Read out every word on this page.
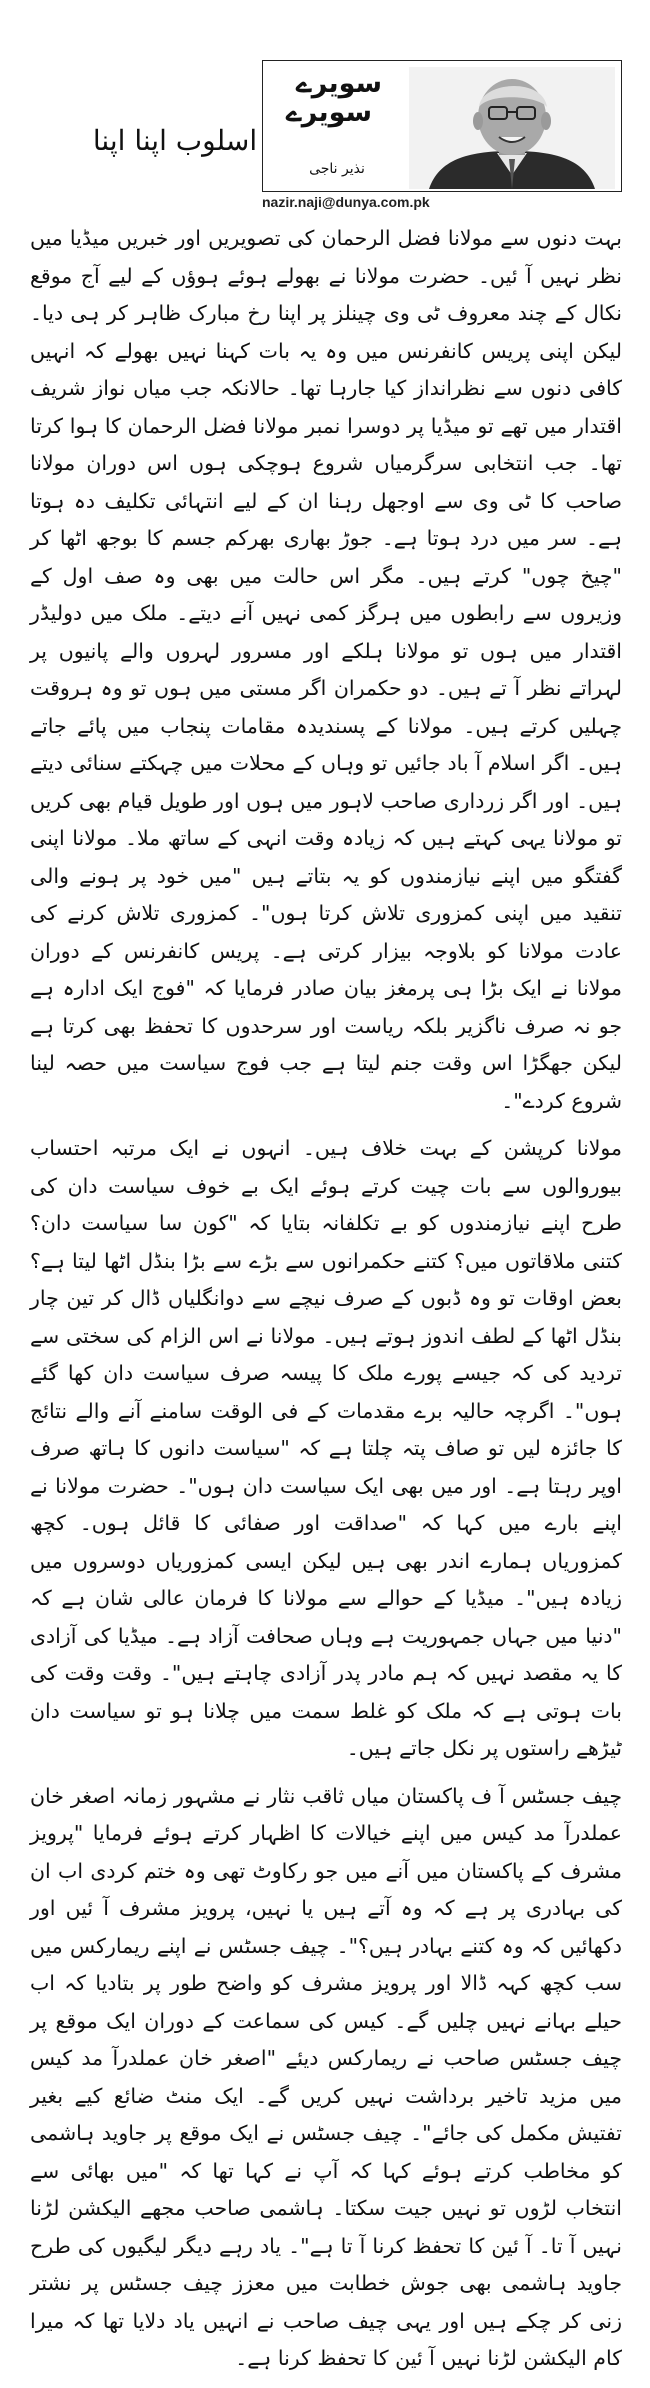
سویرے
سویرے
نذیر ناجی
nazir.naji@dunya.com.pk
اسلوب اپنا اپنا

بہت دنوں سے مولانا فضل الرحمان کی تصویریں اور خبریں میڈیا میں نظر نہیں آ ئیں۔ حضرت مولانا نے بھولے ہوئے ہوؤں کے لیے آج موقع نکال کے چند معروف ٹی وی چینلز پر اپنا رخ مبارک ظاہر کر ہی دیا۔ لیکن اپنی پریس کانفرنس میں وہ یہ بات کہنا نہیں بھولے کہ انہیں کافی دنوں سے نظرانداز کیا جارہا تھا۔ حالانکہ جب میاں نواز شریف اقتدار میں تھے تو میڈیا پر دوسرا نمبر مولانا فضل الرحمان کا ہوا کرتا تھا۔ جب انتخابی سرگرمیاں شروع ہوچکی ہوں اس دوران مولانا صاحب کا ٹی وی سے اوجھل رہنا ان کے لیے انتہائی تکلیف دہ ہوتا ہے۔ سر میں درد ہوتا ہے۔ جوڑ بھاری بھرکم جسم کا بوجھ اٹھا کر "چیخ چوں" کرتے ہیں۔ مگر اس حالت میں بھی وہ صف اول کے وزیروں سے رابطوں میں ہرگز کمی نہیں آنے دیتے۔ ملک میں دولیڈر اقتدار میں ہوں تو مولانا ہلکے اور مسرور لہروں والے پانیوں پر لہراتے نظر آ تے ہیں۔ دو حکمران اگر مستی میں ہوں تو وہ ہروقت چہلیں کرتے ہیں۔ مولانا کے پسندیدہ مقامات پنجاب میں پائے جاتے ہیں۔ اگر اسلام آ باد جائیں تو وہاں کے محلات میں چہکتے سنائی دیتے ہیں۔ اور اگر زرداری صاحب لاہور میں ہوں اور طویل قیام بھی کریں تو مولانا یہی کہتے ہیں کہ زیادہ وقت انہی کے ساتھ ملا۔ مولانا اپنی گفتگو میں اپنے نیازمندوں کو یہ بتاتے ہیں "میں خود پر ہونے والی تنقید میں اپنی کمزوری تلاش کرتا ہوں"۔ کمزوری تلاش کرنے کی عادت مولانا کو بلاوجہ بیزار کرتی ہے۔ پریس کانفرنس کے دوران مولانا نے ایک بڑا ہی پرمغز بیان صادر فرمایا کہ "فوج ایک ادارہ ہے جو نہ صرف ناگزیر بلکہ ریاست اور سرحدوں کا تحفظ بھی کرتا ہے لیکن جھگڑا اس وقت جنم لیتا ہے جب فوج سیاست میں حصہ لینا شروع کردے"۔

مولانا کرپشن کے بہت خلاف ہیں۔ انہوں نے ایک مرتبہ احتساب بیوروالوں سے بات چیت کرتے ہوئے ایک بے خوف سیاست دان کی طرح اپنے نیازمندوں کو بے تکلفانہ بتایا کہ "کون سا سیاست دان؟ کتنی ملاقاتوں میں؟ کتنے حکمرانوں سے بڑے سے بڑا بنڈل اٹھا لیتا ہے؟ بعض اوقات تو وہ ڈبوں کے صرف نیچے سے دوانگلیاں ڈال کر تین چار بنڈل اٹھا کے لطف اندوز ہوتے ہیں۔ مولانا نے اس الزام کی سختی سے تردید کی کہ جیسے پورے ملک کا پیسہ صرف سیاست دان کھا گئے ہوں"۔ اگرچہ حالیہ برے مقدمات کے فی الوقت سامنے آنے والے نتائج کا جائزہ لیں تو صاف پتہ چلتا ہے کہ "سیاست دانوں کا ہاتھ صرف اوپر رہتا ہے۔ اور میں بھی ایک سیاست دان ہوں"۔ حضرت مولانا نے اپنے بارے میں کہا کہ "صداقت اور صفائی کا قائل ہوں۔ کچھ کمزوریاں ہمارے اندر بھی ہیں لیکن ایسی کمزوریاں دوسروں میں زیادہ ہیں"۔ میڈیا کے حوالے سے مولانا کا فرمان عالی شان ہے کہ "دنیا میں جہاں جمہوریت ہے وہاں صحافت آزاد ہے۔ میڈیا کی آزادی کا یہ مقصد نہیں کہ ہم مادر پدر آزادی چاہتے ہیں"۔ وقت وقت کی بات ہوتی ہے کہ ملک کو غلط سمت میں چلانا ہو تو سیاست دان ٹیڑھے راستوں پر نکل جاتے ہیں۔

چیف جسٹس آ ف پاکستان میاں ثاقب نثار نے مشہور زمانہ اصغر خان عملدرآ مد کیس میں اپنے خیالات کا اظہار کرتے ہوئے فرمایا "پرویز مشرف کے پاکستان میں آنے میں جو رکاوٹ تھی وہ ختم کردی اب ان کی بہادری پر ہے کہ وہ آتے ہیں یا نہیں، پرویز مشرف آ ئیں اور دکھائیں کہ وہ کتنے بہادر ہیں؟"۔ چیف جسٹس نے اپنے ریمارکس میں سب کچھ کہہ ڈالا اور پرویز مشرف کو واضح طور پر بتادیا کہ اب حیلے بہانے نہیں چلیں گے۔ کیس کی سماعت کے دوران ایک موقع پر چیف جسٹس صاحب نے ریمارکس دیئے "اصغر خان عملدرآ مد کیس میں مزید تاخیر برداشت نہیں کریں گے۔ ایک منٹ ضائع کیے بغیر تفتیش مکمل کی جائے"۔ چیف جسٹس نے ایک موقع پر جاوید ہاشمی کو مخاطب کرتے ہوئے کہا کہ آپ نے کہا تھا کہ "میں بھائی سے انتخاب لڑوں تو نہیں جیت سکتا۔ ہاشمی صاحب مجھے الیکشن لڑنا نہیں آ تا۔ آ ئین کا تحفظ کرنا آ تا ہے"۔ یاد رہے دیگر لیگیوں کی طرح جاوید ہاشمی بھی جوش خطابت میں معزز چیف جسٹس پر نشتر زنی کر چکے ہیں اور یہی چیف صاحب نے انہیں یاد دلایا تھا کہ میرا کام الیکشن لڑنا نہیں آ ئین کا تحفظ کرنا ہے۔
